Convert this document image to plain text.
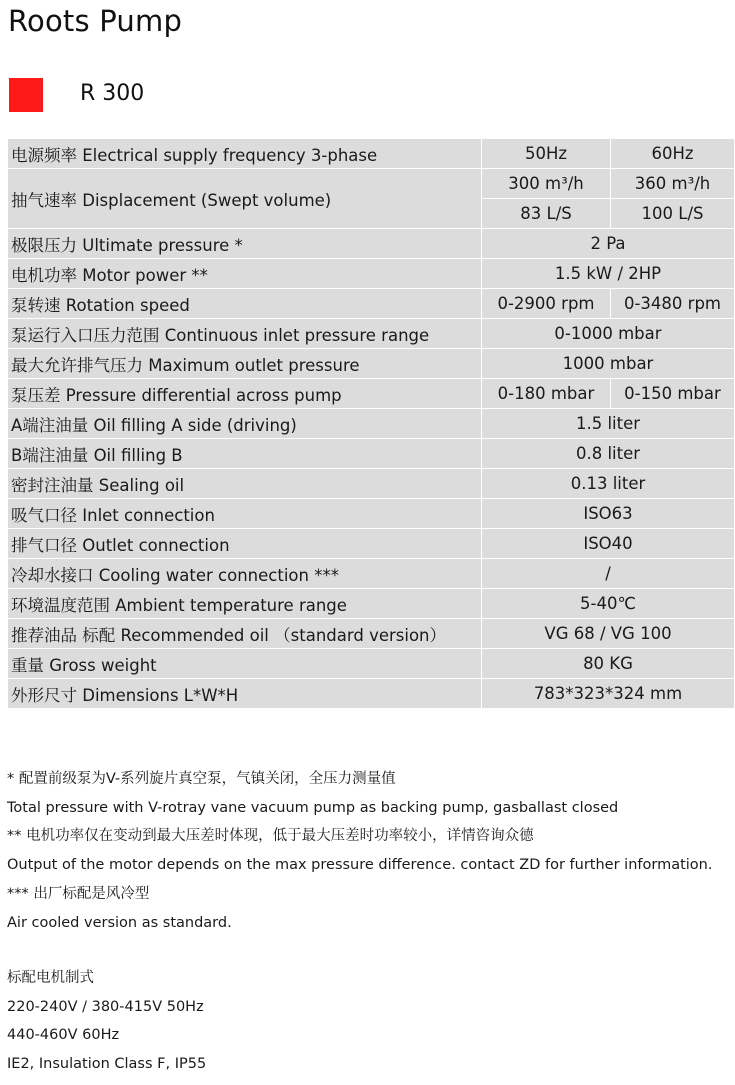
Roots Pump
R 300
电源频率 Electrical supply frequency 3-phase	50Hz	60Hz
抽气速率 Displacement (Swept volume)	300 m³/h	360 m³/h
	83 L/S	100 L/S
极限压力 Ultimate pressure *	2 Pa	
电机功率 Motor power **	1.5 kW / 2HP	
泵转速 Rotation speed	0-2900 rpm	0-3480 rpm
泵运行入口压力范围 Continuous inlet pressure range	0-1000 mbar	
最大允许排气压力 Maximum outlet pressure	1000 mbar	
泵压差 Pressure differential across pump	0-180 mbar	0-150 mbar
A端注油量 Oil filling A side (driving)	1.5 liter	
B端注油量 Oil filling B	0.8 liter	
密封注油量 Sealing oil	0.13 liter	
吸气口径 Inlet connection	ISO63	
排气口径 Outlet connection	ISO40	
冷却水接口 Cooling water connection ***	/	
环境温度范围 Ambient temperature range	5-40℃	
推荐油品 标配 Recommended oil （standard version）	VG 68 / VG 100	
重量 Gross weight	80 KG	
外形尺寸 Dimensions L*W*H	783*323*324 mm	
* 配置前级泵为V-系列旋片真空泵，气镇关闭，全压力测量值
Total pressure with V-rotray vane vacuum pump as backing pump, gasballast closed
** 电机功率仅在变动到最大压差时体现，低于最大压差时功率较小，详情咨询众德
Output of the motor depends on the max pressure difference. contact ZD for further information.
*** 出厂标配是风冷型
Air cooled version as standard.
标配电机制式
220-240V / 380-415V 50Hz
440-460V 60Hz
IE2, Insulation Class F, IP55
